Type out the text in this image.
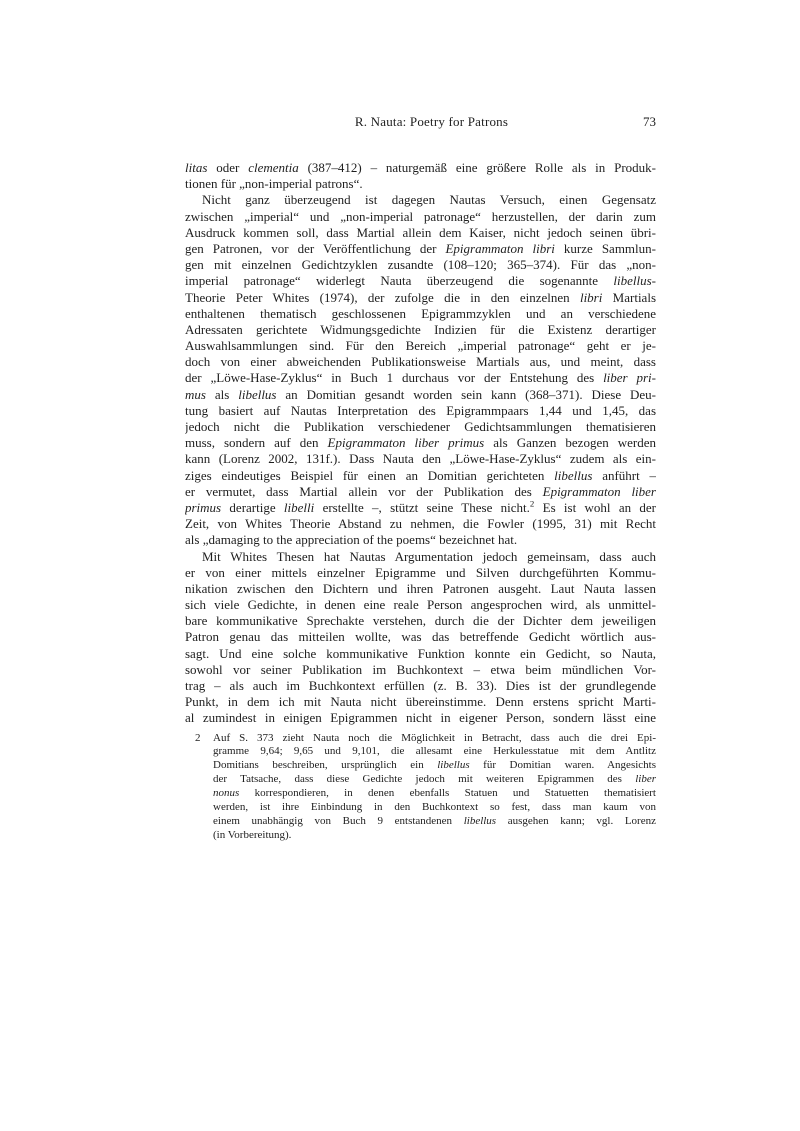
R. Nauta: Poetry for Patrons	73
litas oder clementia (387–412) – naturgemäß eine größere Rolle als in Produk-
tionen für „non-imperial patrons“.
Nicht ganz überzeugend ist dagegen Nautas Versuch, einen Gegensatz
zwischen „imperial“ und „non-imperial patronage“ herzustellen, der darin zum
Ausdruck kommen soll, dass Martial allein dem Kaiser, nicht jedoch seinen übri-
gen Patronen, vor der Veröffentlichung der Epigrammaton libri kurze Sammlun-
gen mit einzelnen Gedichtzyklen zusandte (108–120; 365–374). Für das „non-
imperial patronage“ widerlegt Nauta überzeugend die sogenannte libellus-
Theorie Peter Whites (1974), der zufolge die in den einzelnen libri Martials
enthaltenen thematisch geschlossenen Epigrammzyklen und an verschiedene
Adressaten gerichtete Widmungsgedichte Indizien für die Existenz derartiger
Auswahlsammlungen sind. Für den Bereich „imperial patronage“ geht er je-
doch von einer abweichenden Publikationsweise Martials aus, und meint, dass
der „Löwe-Hase-Zyklus“ in Buch 1 durchaus vor der Entstehung des liber pri-
mus als libellus an Domitian gesandt worden sein kann (368–371). Diese Deu-
tung basiert auf Nautas Interpretation des Epigrammpaars 1,44 und 1,45, das
jedoch nicht die Publikation verschiedener Gedichtsammlungen thematisieren
muss, sondern auf den Epigrammaton liber primus als Ganzen bezogen werden
kann (Lorenz 2002, 131f.). Dass Nauta den „Löwe-Hase-Zyklus“ zudem als ein-
ziges eindeutiges Beispiel für einen an Domitian gerichteten libellus anführt –
er vermutet, dass Martial allein vor der Publikation des Epigrammaton liber
primus derartige libelli erstellte –, stützt seine These nicht.$^2$ Es ist wohl an der
Zeit, von Whites Theorie Abstand zu nehmen, die Fowler (1995, 31) mit Recht
als „damaging to the appreciation of the poems“ bezeichnet hat.
Mit Whites Thesen hat Nautas Argumentation jedoch gemeinsam, dass auch
er von einer mittels einzelner Epigramme und Silven durchgeführten Kommu-
nikation zwischen den Dichtern und ihren Patronen ausgeht. Laut Nauta lassen
sich viele Gedichte, in denen eine reale Person angesprochen wird, als unmittel-
bare kommunikative Sprechakte verstehen, durch die der Dichter dem jeweiligen
Patron genau das mitteilen wollte, was das betreffende Gedicht wörtlich aus-
sagt. Und eine solche kommunikative Funktion konnte ein Gedicht, so Nauta,
sowohl vor seiner Publikation im Buchkontext – etwa beim mündlichen Vor-
trag – als auch im Buchkontext erfüllen (z. B. 33). Dies ist der grundlegende
Punkt, in dem ich mit Nauta nicht übereinstimme. Denn erstens spricht Marti-
al zumindest in einigen Epigrammen nicht in eigener Person, sondern lässt eine
2	Auf S. 373 zieht Nauta noch die Möglichkeit in Betracht, dass auch die drei Epi-
gramme 9,64; 9,65 und 9,101, die allesamt eine Herkulesstatue mit dem Antlitz
Domitians beschreiben, ursprünglich ein libellus für Domitian waren. Angesichts
der Tatsache, dass diese Gedichte jedoch mit weiteren Epigrammen des liber
nonus korrespondieren, in denen ebenfalls Statuen und Statuetten thematisiert
werden, ist ihre Einbindung in den Buchkontext so fest, dass man kaum von
einem unabhängig von Buch 9 entstandenen libellus ausgehen kann; vgl. Lorenz
(in Vorbereitung).
